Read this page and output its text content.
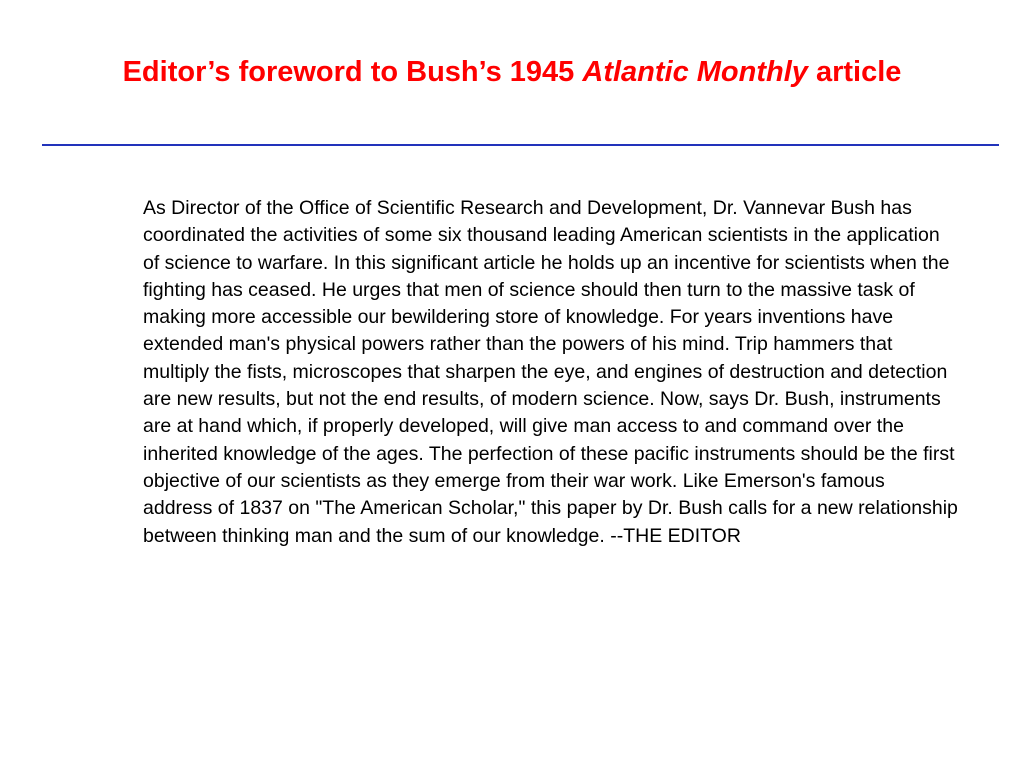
Editor’s foreword to Bush’s 1945 Atlantic Monthly article

As Director of the Office of Scientific Research and Development, Dr. Vannevar Bush has coordinated the activities of some six thousand leading American scientists in the application of science to warfare. In this significant article he holds up an incentive for scientists when the fighting has ceased. He urges that men of science should then turn to the massive task of making more accessible our bewildering store of knowledge. For years inventions have extended man's physical powers rather than the powers of his mind. Trip hammers that multiply the fists, microscopes that sharpen the eye, and engines of destruction and detection are new results, but not the end results, of modern science. Now, says Dr. Bush, instruments are at hand which, if properly developed, will give man access to and command over the inherited knowledge of the ages. The perfection of these pacific instruments should be the first objective of our scientists as they emerge from their war work. Like Emerson's famous address of 1837 on "The American Scholar," this paper by Dr. Bush calls for a new relationship between thinking man and the sum of our knowledge. --THE EDITOR
